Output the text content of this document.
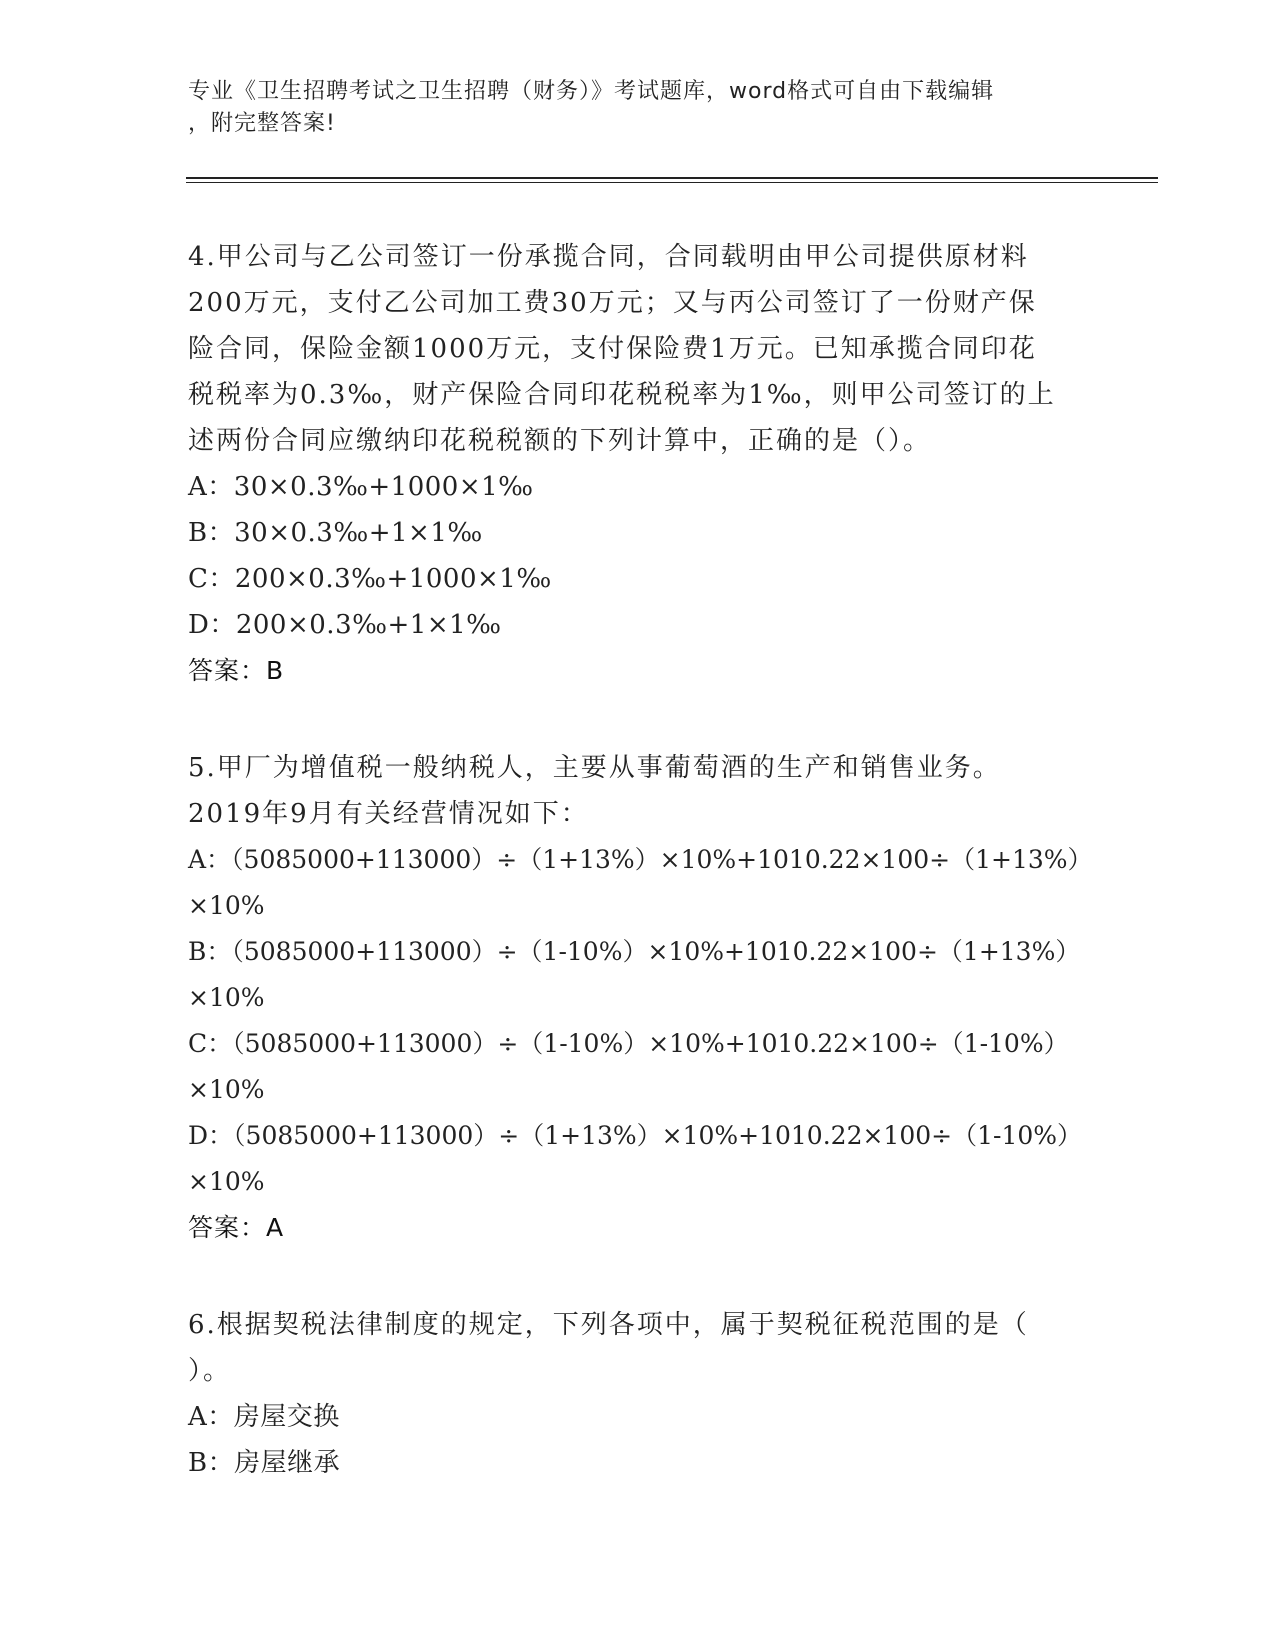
专业《卫生招聘考试之卫生招聘（财务）》考试题库，word格式可自由下载编辑
，附完整答案!
4.甲公司与乙公司签订一份承揽合同，合同载明由甲公司提供原材料
200万元，支付乙公司加工费30万元；又与丙公司签订了一份财产保
险合同，保险金额1000万元，支付保险费1万元。已知承揽合同印花
税税率为0.3‰，财产保险合同印花税税率为1‰，则甲公司签订的上
述两份合同应缴纳印花税税额的下列计算中，正确的是（）。
A：30×0.3‰+1000×1‰
B：30×0.3‰+1×1‰
C：200×0.3‰+1000×1‰
D：200×0.3‰+1×1‰
答案：B
5.甲厂为增值税一般纳税人，主要从事葡萄酒的生产和销售业务。
2019年9月有关经营情况如下：
A：（5085000+113000）÷（1+13%）×10%+1010.22×100÷（1+13%）
×10%
B：（5085000+113000）÷（1-10%）×10%+1010.22×100÷（1+13%）
×10%
C：（5085000+113000）÷（1-10%）×10%+1010.22×100÷（1-10%）
×10%
D：（5085000+113000）÷（1+13%）×10%+1010.22×100÷（1-10%）
×10%
答案：A
6.根据契税法律制度的规定，下列各项中，属于契税征税范围的是（
）。
A：房屋交换
B：房屋继承
